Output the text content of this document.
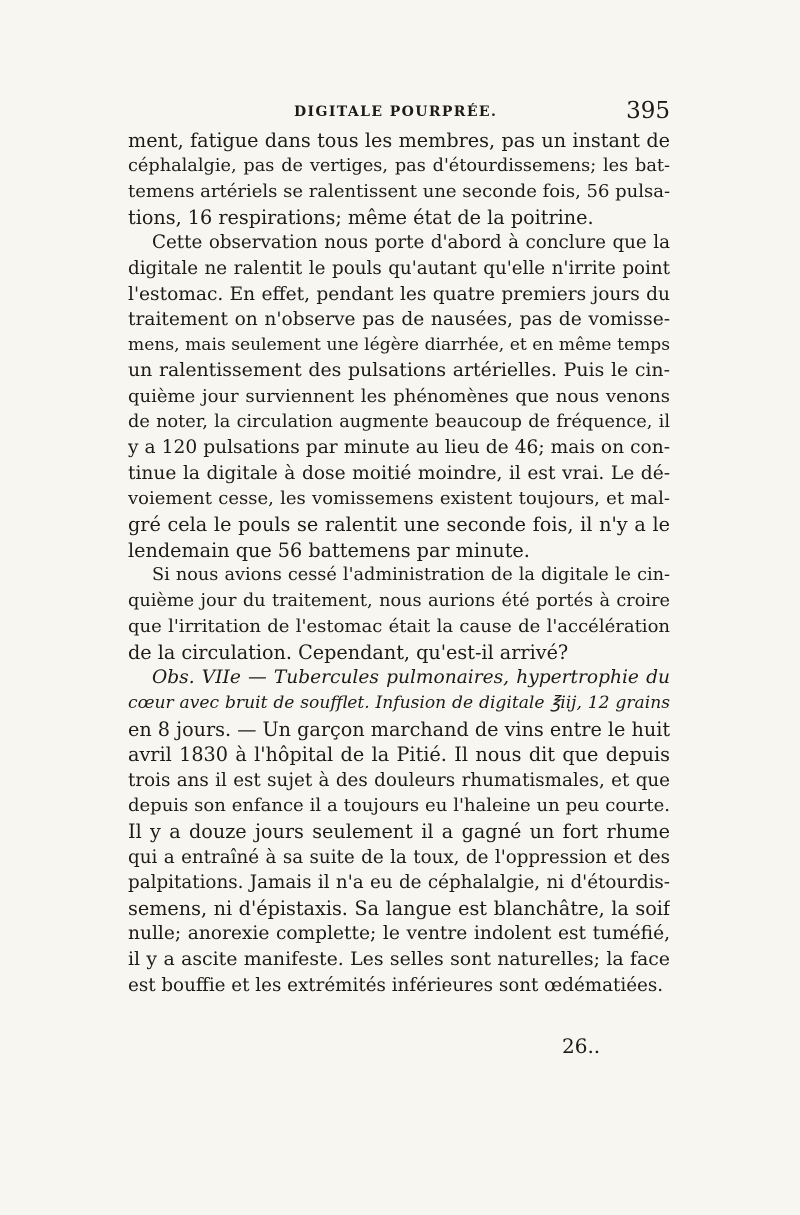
DIGITALE POURPRÉE.	395
ment, fatigue dans tous les membres, pas un instant de
céphalalgie, pas de vertiges, pas d'étourdissemens; les bat-
temens artériels se ralentissent une seconde fois, 56 pulsa-
tions, 16 respirations; même état de la poitrine.
Cette observation nous porte d'abord à conclure que la
digitale ne ralentit le pouls qu'autant qu'elle n'irrite point
l'estomac. En effet, pendant les quatre premiers jours du
traitement on n'observe pas de nausées, pas de vomisse-
mens, mais seulement une légère diarrhée, et en même temps
un ralentissement des pulsations artérielles. Puis le cin-
quième jour surviennent les phénomènes que nous venons
de noter, la circulation augmente beaucoup de fréquence, il
y a 120 pulsations par minute au lieu de 46; mais on con-
tinue la digitale à dose moitié moindre, il est vrai. Le dé-
voiement cesse, les vomissemens existent toujours, et mal-
gré cela le pouls se ralentit une seconde fois, il n'y a le
lendemain que 56 battemens par minute.
Si nous avions cessé l'administration de la digitale le cin-
quième jour du traitement, nous aurions été portés à croire
que l'irritation de l'estomac était la cause de l'accélération
de la circulation. Cependant, qu'est-il arrivé?
Obs. VIIe — Tubercules pulmonaires, hypertrophie du
cœur avec bruit de soufflet. Infusion de digitale ℥iij, 12 grains
en 8 jours. — Un garçon marchand de vins entre le huit
avril 1830 à l'hôpital de la Pitié. Il nous dit que depuis
trois ans il est sujet à des douleurs rhumatismales, et que
depuis son enfance il a toujours eu l'haleine un peu courte.
Il y a douze jours seulement il a gagné un fort rhume
qui a entraîné à sa suite de la toux, de l'oppression et des
palpitations. Jamais il n'a eu de céphalalgie, ni d'étourdis-
semens, ni d'épistaxis. Sa langue est blanchâtre, la soif
nulle; anorexie complette; le ventre indolent est tuméfié,
il y a ascite manifeste. Les selles sont naturelles; la face
est bouffie et les extrémités inférieures sont œdématiées.
26..
